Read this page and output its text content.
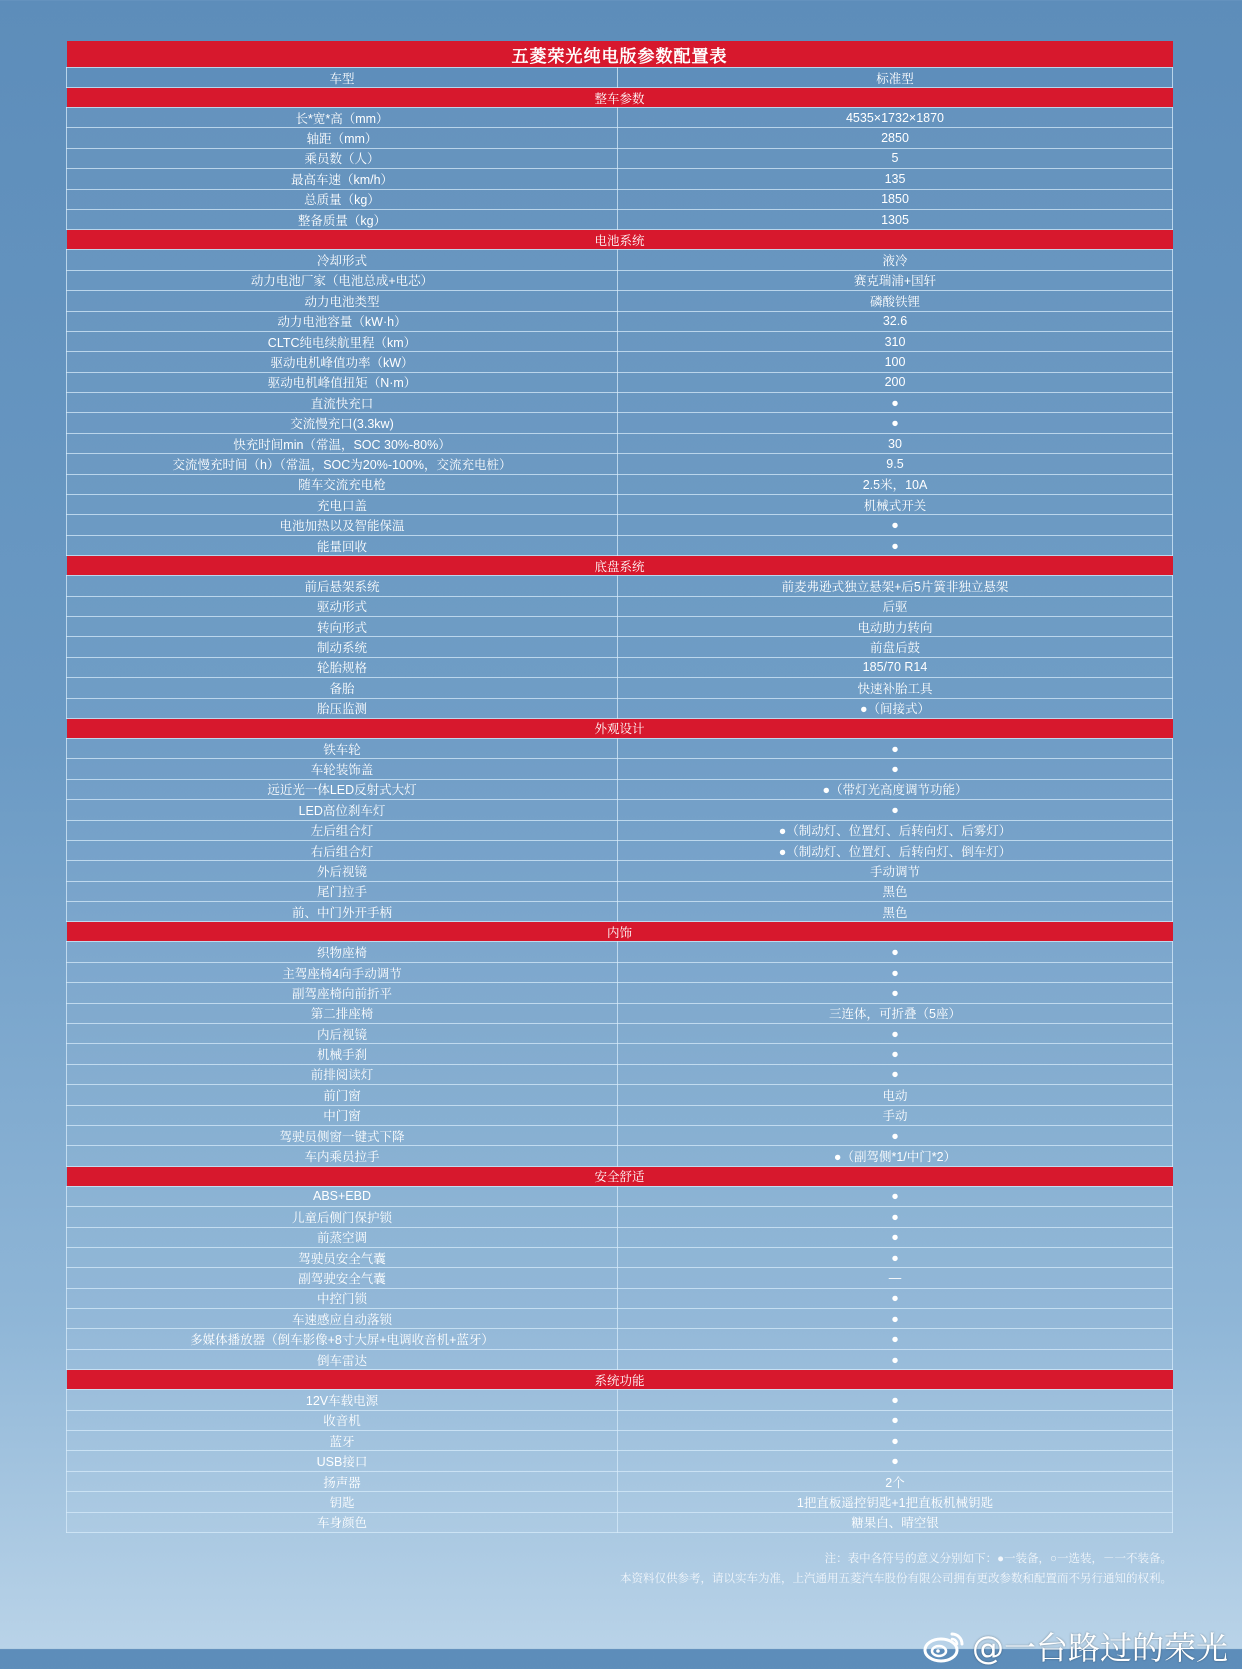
五菱荣光纯电版参数配置表	
车型	标准型
整车参数	
长*宽*高（mm）	4535×1732×1870
轴距（mm）	2850
乘员数（人）	5
最高车速（km/h）	135
总质量（kg）	1850
整备质量（kg）	1305
电池系统	
冷却形式	液冷
动力电池厂家（电池总成+电芯）	赛克瑞浦+国轩
动力电池类型	磷酸铁锂
动力电池容量（kW·h）	32.6
CLTC纯电续航里程（km）	310
驱动电机峰值功率（kW）	100
驱动电机峰值扭矩（N·m）	200
直流快充口	●
交流慢充口(3.3kw)	●
快充时间min（常温，SOC 30%-80%）	30
交流慢充时间（h）（常温，SOC为20%-100%，交流充电桩）	9.5
随车交流充电枪	2.5米，10A
充电口盖	机械式开关
电池加热以及智能保温	●
能量回收	●
底盘系统	
前后悬架系统	前麦弗逊式独立悬架+后5片簧非独立悬架
驱动形式	后驱
转向形式	电动助力转向
制动系统	前盘后鼓
轮胎规格	185/70 R14
备胎	快速补胎工具
胎压监测	●（间接式）
外观设计	
铁车轮	●
车轮装饰盖	●
远近光一体LED反射式大灯	●（带灯光高度调节功能）
LED高位刹车灯	●
左后组合灯	●（制动灯、位置灯、后转向灯、后雾灯）
右后组合灯	●（制动灯、位置灯、后转向灯、倒车灯）
外后视镜	手动调节
尾门拉手	黑色
前、中门外开手柄	黑色
内饰	
织物座椅	●
主驾座椅4向手动调节	●
副驾座椅向前折平	●
第二排座椅	三连体，可折叠（5座）
内后视镜	●
机械手刹	●
前排阅读灯	●
前门窗	电动
中门窗	手动
驾驶员侧窗一键式下降	●
车内乘员拉手	●（副驾侧*1/中门*2）
安全舒适	
ABS+EBD	●
儿童后侧门保护锁	●
前蒸空调	●
驾驶员安全气囊	●
副驾驶安全气囊	—
中控门锁	●
车速感应自动落锁	●
多媒体播放器（倒车影像+8寸大屏+电调收音机+蓝牙）	●
倒车雷达	●
系统功能	
12V车载电源	●
收音机	●
蓝牙	●
USB接口	●
扬声器	2个
钥匙	1把直板遥控钥匙+1把直板机械钥匙
车身颜色	糖果白、晴空银
注：表中各符号的意义分别如下：●一装备，○一选装，－一不装备。
本资料仅供参考，请以实车为准，上汽通用五菱汽车股份有限公司拥有更改参数和配置而不另行通知的权利。
@一台路过的荣光
